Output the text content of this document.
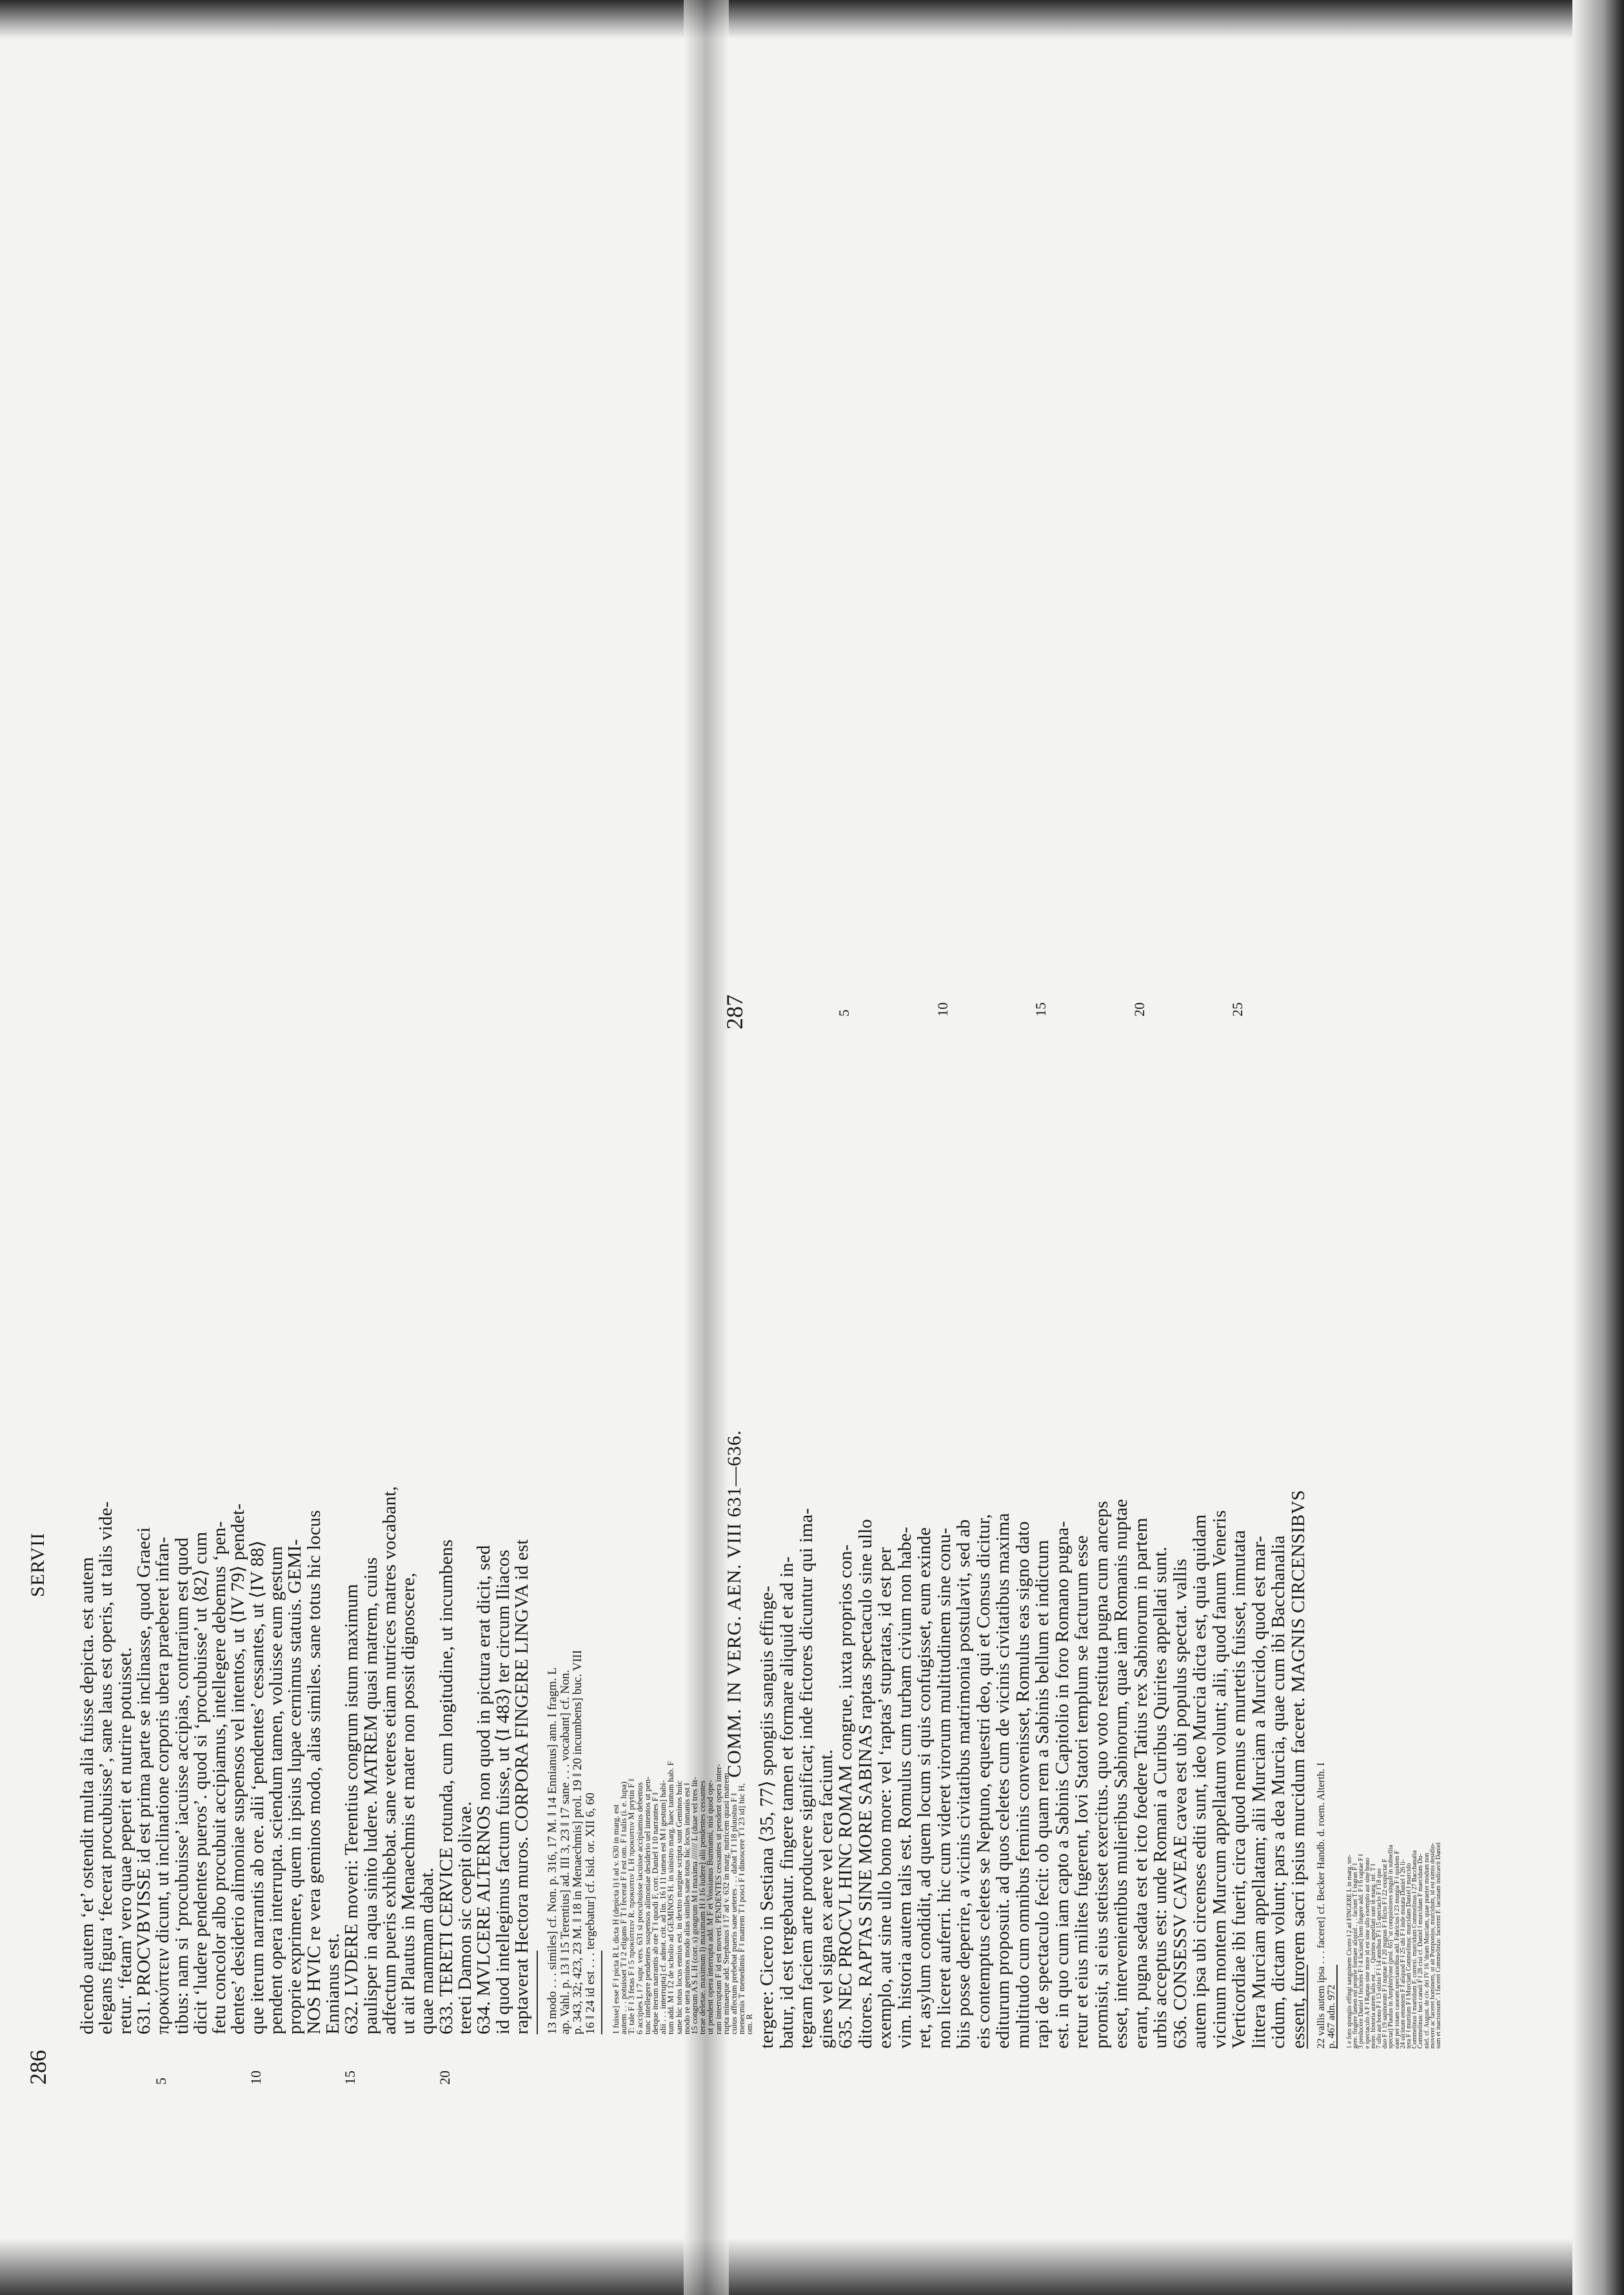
286
SERVII dicendo autem ‘et’ ostendit multa alia fuisse depicta. est autem
elegans figura ‘fecerat procubuisse’, sane laus est operis, ut talis vide-
retur. ‘fetam’ vero quae peperit et nutrire potuisset.
631. PROCVBVISSE id est prima parte se inclinasse, quod Graeci
προκύπτειν dicunt, ut inclinatione corporis ubera praeberet infan-
tibus: nam si ‘procubuisse’ iacuisse accipias, contrarium est quod
dicit ‘ludere pendentes pueros’. quod si ‘procubuisse’ ut ⟨82⟩ cum
fetu concolor albo procubuit accipiamus, intellegere debemus ‘pen-
dentes’ desiderio alimoniae suspensos vel intentos, ut ⟨IV 79⟩ pendet-
que iterum narrantis ab ore. alii ‘pendentes’ cessantes, ut ⟨IV 88⟩
pendent opera interrupta. sciendum tamen, voluisse eum gestum
proprie exprimere, quem in ipsius lupae cernimus statuis. GEMI-
NOS HVIC re vera geminos modo, alias similes. sane totus hic locus
Ennianus est.
632. LVDERE moveri: Terentius congrum istum maximum
paulisper in aqua sinito ludere. MATREM quasi matrem, cuius
adfectum pueris exhibebat. sane veteres etiam nutrices matres vocabant,
ut ait Plautus in Menaechmis et mater non possit dignoscere,
quae mammam dabat.
633. TERETI CERVICE rotunda, cum longitudine, ut incumbens
tereti Damon sic coepit olivae.
634. MVLCERE ALTERNOS non quod in pictura erat dicit, sed
id quod intellegimus factum fuisse, ut ⟨I 483⟩ ter circum Iliacos
raptaverat Hectora muros. CORPORA FINGERE LINGVA id est
5	10	15	20
13 modo . . . similes] cf. Non. p. 316, 17 M. ‖ 14 Ennianus] ann. I fragm. L
ap. Vahl. p. 13 ‖ 15 Terentius] ad. III 3, 23 ‖ 17 sane . . . vocabant] cf. Non.
p. 343, 32; 423, 23 M. ‖ 18 in Menaechmis] prol. 19 ‖ 20 incumbens] buc. VIII
16 ‖ 24 id est . . . tergebatur] cf. Isid. or. XII 6, 60 1 fuisse] esse F ‖ picta R L dicta H (depicta l) ‖ ad v. 630 in marg. est
autem . . . potuisset T ‖ 2 eligans F T ‖ fecerat F ‖ est om. F ‖ talis (i. e. lupa)
T: tale F ‖ 3 fetas F ‖ 5 προκύπτειν R. προκυπτιν L H προκυπτιν M prytin F ‖
6 accipies L ‖ 7 supr. vers. 631 si procubuisse iacuisse accipiamus debemus
tunc intellegere pendentes suspensos alimoniae desiderio uel intentos ut pen-
detque iterum narrantis ab ore T ‖ quodi F, corr. Daniel ‖ 10 narrantes F ‖
alii . . . interrupta] cf. adnot. crit. ad lin. 16 ‖ 11 tamen est M ‖ gestum] habi-
tum add. M ‖ 12 de scholio ad GEMINOS H. in sinistro marg. haec tantum hab. F
sane hic totus locus ennius est. in dextro margine scripta sunt Geminos huic
modo re uera geminos modo alias similes sane totus hic locus inmanis est ‖
15 congrum A S L H (corr. s) gongrum M ‖ maxima /////// L (duae vel tres lit-
terae deletae. maximum l) maximam H ‖ 16 ludere] alii pendentes cessantes
ut pendent opera interrupta add. M F et Vossianus Burmanni, nisi quod ope-
ram interruptam F id est moveri. PENDENTES cessantes ut pendent opera inter-
rupta minaeque add. Stephanus ‖ 17 ad v. 632 in marg. nutricem quasi matrem
cuius affectum prebebat pueris sane ueteres . . . dabat T ‖ 18 plaustus F ‖
menecmis T menedimis F ‖ matrem T ‖ posci F ‖ dinoscere T ‖ 23 id] hic H,
om. R
COMM. IN VERG. AEN. VIII 631—636.
287
tergere: Cicero in Sestiana ⟨35, 77⟩ spongiis sanguis effinge-
batur, id est tergebatur. fingere tamen et formare aliquid et ad in-
tegram faciem arte producere significat; inde fictores dicuntur qui ima-
gines vel signa ex aere vel cera faciunt.
635. NEC PROCVL HINC ROMAM congrue, iuxta proprios con-
ditores. RAPTAS SINE MORE SABINAS raptas spectaculo sine ullo
exemplo, aut sine ullo bono more: vel ‘raptas’ stupratas, id est per
vim. historia autem talis est. Romulus cum turbam civium non habe-
ret, asylum condidit, ad quem locum si quis confugisset, eum exinde
non liceret auferri. hic cum videret virorum multitudinem sine conu-
biis posse deperire, a vicinis civitatibus matrimonia postulavit, sed ab
eis contemptus celetes se Neptuno, equestri deo, qui et Consus dicitur,
editurum proposuit. ad quos celetes cum de vicinis civitatibus maxima
multitudo cum omnibus feminis convenisset, Romulus eas signo dato
rapi de spectaculo fecit: ob quam rem a Sabinis bellum et indictum
est. in quo cum iam capto a Sabinis Capitolio in foro Romano pugna-
retur et eius milites fugerent, Iovi Statori templum se facturum esse
promisit, si eius stetisset exercitus. quo voto restituta pugna cum anceps
esset, intervenientibus mulieribus Sabinorum, quae iam Romanis nuptae
erant, pugna sedata est et icto foedere Tatius rex Sabinorum in partem
urbis acceptus est: unde Romani a Curibus Quirites appellati sunt.
636. CONSESSV CAVEAE cavea est ubi populus spectat. vallis
autem ipsa ubi circenses editi sunt, ideo Murcia dicta est, quia quidam
vicinum montem Murcum appellatum volunt; alii, quod fanum Veneris
Verticordiae ibi fuerit, circa quod nemus e murtetis fuisset, inmutata
littera Murciam appellatam; alii Murciam a Murcido, quod est mar-
cidum, dictam volunt; pars a dea Murcia, quae cum ibi Bacchanalia
essent, furorem sacri ipsius murcidum faceret. MAGNIS CIRCENSIBVS
5	10	15	20	25
22 vallis autem ipsa . . . faceret] cf. Becker Handb. d. roem. Alterth. I p. 467 adn. 972	1 e foro spongiis effingi sanguinem Cicero ‖ 2 ad FINGERE L in marg. ter-
gere. fingere tamen est proprie formare aliquid . . . faciunt T ‖ ingran F ‖
3 perducere Daniel ‖ fectores F ‖ 4 faciunt] item fingere add. F ‖ 6 raptae F ‖
e spectaculo A F ‖ Raptas sine more id est sine ullo exemplo aut sine bono
more. historia autem talis est . . . Quirites appellati sunt in marg. inf. T ‖
7 ullo aut bono F ‖ 13 utinis F ‖ 14 annibus F ‖ 15 spectaclo F ‖ 18 quo
duo F ‖ 19 sapinorum F ‖ nuptae F ‖ 20 pugnas F ‖ hicto F ‖ 22 exspectat F
spectat] Plautus in Amphitryone (prol. 65) ‘ut conquisitores singuli in subsellia
eant per totam caueam spectatoribus add. Fabricius ‖ 23 murgia F ‖ quidem F
24 uicinum emontem F ‖ aliquod F ‖ 25 ubi F ‖ inde mutata Daniel ‖ 26 li-
tera F ‖ murtium F ‖ Murciam Commelinus: murcidam Daniel ‖ murcido
Commelinus ‖ martidum F, correxi. murcidum Commelinus ‖ 27 Bacchanalia
Commelinus: baci canali F ‖ 28 ciui cf. Daniel ‖ murcidam F marcidum Du-
niel. cf. August. de civ. dei IV 16 ‘deam Murciam, quae praeter modum non
moveret ac faceret hominem, ut ait Pomponius, murcidum, id est nimis desidio-
sum et inactuosum’. ‖ faceret Commelinus: facerent F. lacunam indicavit Daniel
